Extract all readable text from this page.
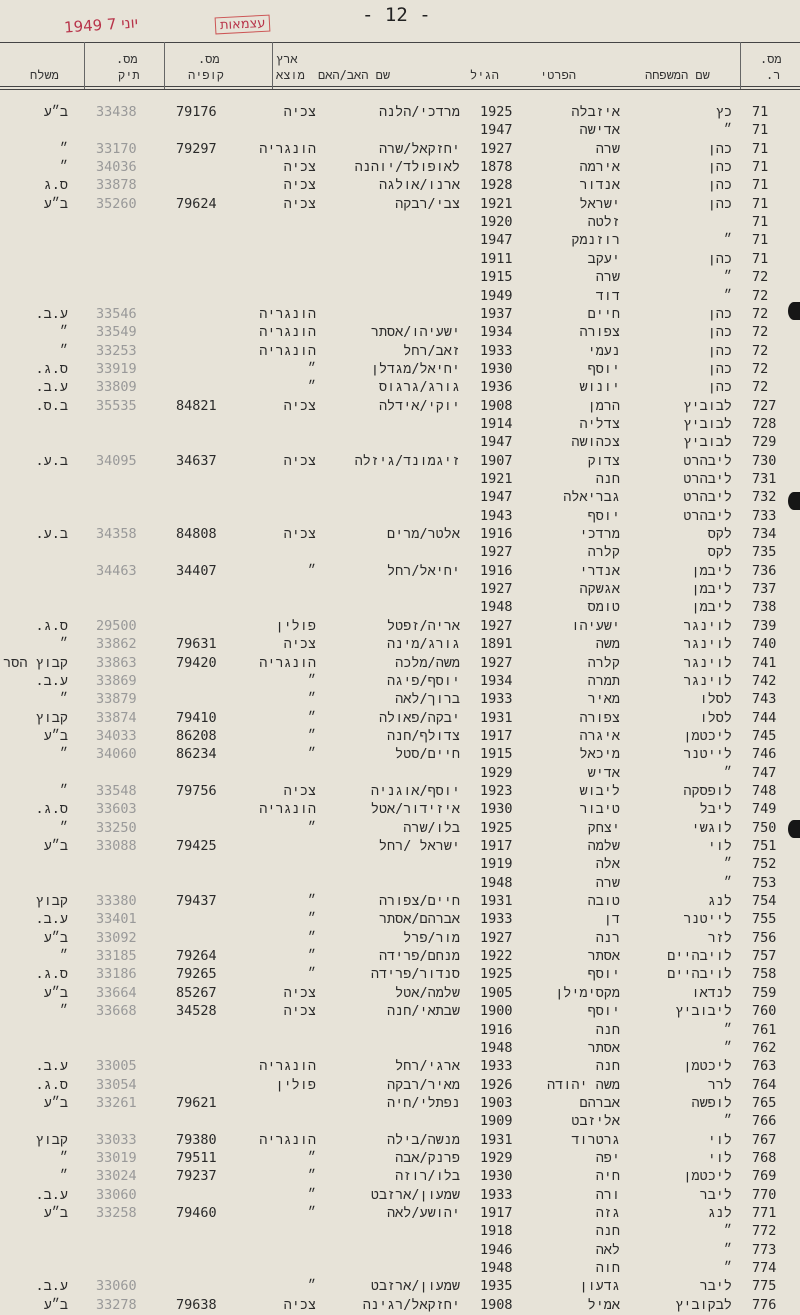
- 12 -
1949 יוני 7	עצמאות
מס.
ר.
שם המשפחה
הפרטי
הגיל
שם האב/האם
ארץ
מוצא
מס.
קופיה
מס.
תיק
משלח
71
כץ
איזבלה
1925
מרדכי/הלנה
צכיה
79176
33438
ב״ע
71
״
אדישה
1947
71
כהן
שרה
1927
יחזקאל/שרה
הונגריה
79297
33170
״
71
כהן
אירמה
1878
לאופולד/יוהנה
צכיה
34036
״
71
כהן
אנדור
1928
ארנו/אולגה
צכיה
33878
ס.ג
71
כהן
ישראל
1921
צבי/רבקה
צכיה
79624
35260
ב״ע
71
זלטה
1920
71
״
רוזנמק
1947
71
כהן
יעקב
1911
72
״
שרה
1915
72
״
דוד
1949
72
כהן
חיים
1937
הונגריה
33546
ע.ב.
72
כהן
צפורה
1934
ישעיהו/אסתר
הונגריה
33549
״
72
כהן
נעמי
1933
זאב/רחל
הונגריה
33253
״
72
כהן
יוסף
1930
יחיאל/מגדלן
״
33919
ס.ג.
72
כהן
יונוש
1936
גורג/גרגוס
״
33809
ע.ב.
727
לבוביץ
הרמן
1908
יוקי/אידלה
צכיה
84821
35535
ב.ס.
728
לבוביץ
צדליה
1914
729
לבוביץ
צכהושה
1947
730
ליבהרט
צדוק
1907
זיגמונד/גיזלה
צכיה
34637
34095
ב.ע.
731
ליבהרט
חנה
1921
732
ליבהרט
גבריאלה
1947
733
ליבהרט
יוסף
1943
734
לקס
מרדכי
1916
אלטר/מרים
צכיה
84808
34358
ב.ע.
735
לקס
קלרה
1927
736
ליבמן
אנדרי
1916
יחיאל/רחל
״
34407
34463
737
ליבמן
אגשקה
1927
738
ליבמן
טומס
1948
739
לוינגר
ישעיהו
1927
אריה/זפטל
פולין
29500
ס.ג.
740
לוינגר
משה
1891
גורג/מינה
צכיה
79631
33862
״
741
לוינגר
קלרה
1927
משה/מלכה
הונגריה
79420
33863
קבוץ הסר
742
לוינגר
תמרה
1934
יוסף/פיגה
״
33869
ע.ב.
743
לסלו
מאיר
1933
ברוך/לאה
״
33879
״
744
לסלו
צפורה
1931
יבקה/פאולה
״
79410
33874
קבוץ
745
ליכטמן
איגרה
1917
צדולף/חנה
״
86208
34033
ב״ע
746
לייטנר
מיכאל
1915
חיים/סטל
״
86234
34060
״
747
״
אדיש
1929
748
לופסקה
ליבוש
1923
יוסף/אוגניה
צכיה
79756
33548
״
749
ליבל
טיבור
1930
איזידור/אטל
הונגריה
33603
ס.ג.
750
לוגשי
יצחק
1925
בלו/שרה
״
33250
״
751
לוי
שלמה
1917
ישראל /רחל
79425
33088
ב״ע
752
״
אלה
1919
753
״
שרה
1948
754
לנג
טובה
1931
חיים/צפורה
״
79437
33380
קבוץ
755
לייטנר
דן
1933
אברהם/אסתר
״
33401
ע.ב.
756
לזר
רנה
1927
מור/פרל
״
33092
ב״ע
757
לויבהיים
אסתר
1922
מנחם/פרידה
״
79264
33185
״
758
לויבהיים
יוסף
1925
סנדור/פרידה
״
79265
33186
ס.ג.
759
לנדאו
מקסימילן
1905
שלמה/אטל
צכיה
85267
33664
ב״ע
760
ליבוביץ
יוסף
1900
שבתאי/חנה
צכיה
34528
33668
״
761
״
חנה
1916
762
״
אסתר
1948
763
ליכטמן
חנה
1933
ארגי/רחל
הונגריה
33005
ע.ב.
764
לרר
משה יהודה
1926
מאיר/רבקה
פולין
33054
ס.ג.
765
לופשה
אברהם
1903
נפתלי/חיה
79621
33261
ב״ע
766
״
אליזבט
1909
767
לוי
גרטרוד
1931
מנשה/בילה
הונגריה
79380
33033
קבוץ
768
לוי
יפה
1929
פרנק/אבה
״
79511
33019
״
769
ליכטמן
חיה
1930
בלו/רוזה
״
79237
33024
״
770
ליבר
ורה
1933
שמעון/ארזבט
״
33060
ע.ב.
771
לנג
גזה
1917
יהושע/לאה
״
79460
33258
ב״ע
772
״
חנה
1918
773
״
לאה
1946
774
״
חוה
1948
775
ליבר
גדעון
1935
שמעון/ארזבט
״
33060
ע.ב.
776
לבקוביץ
אמיל
1908
יחזקאל/רגינה
צכיה
79638
33278
ב״ע
